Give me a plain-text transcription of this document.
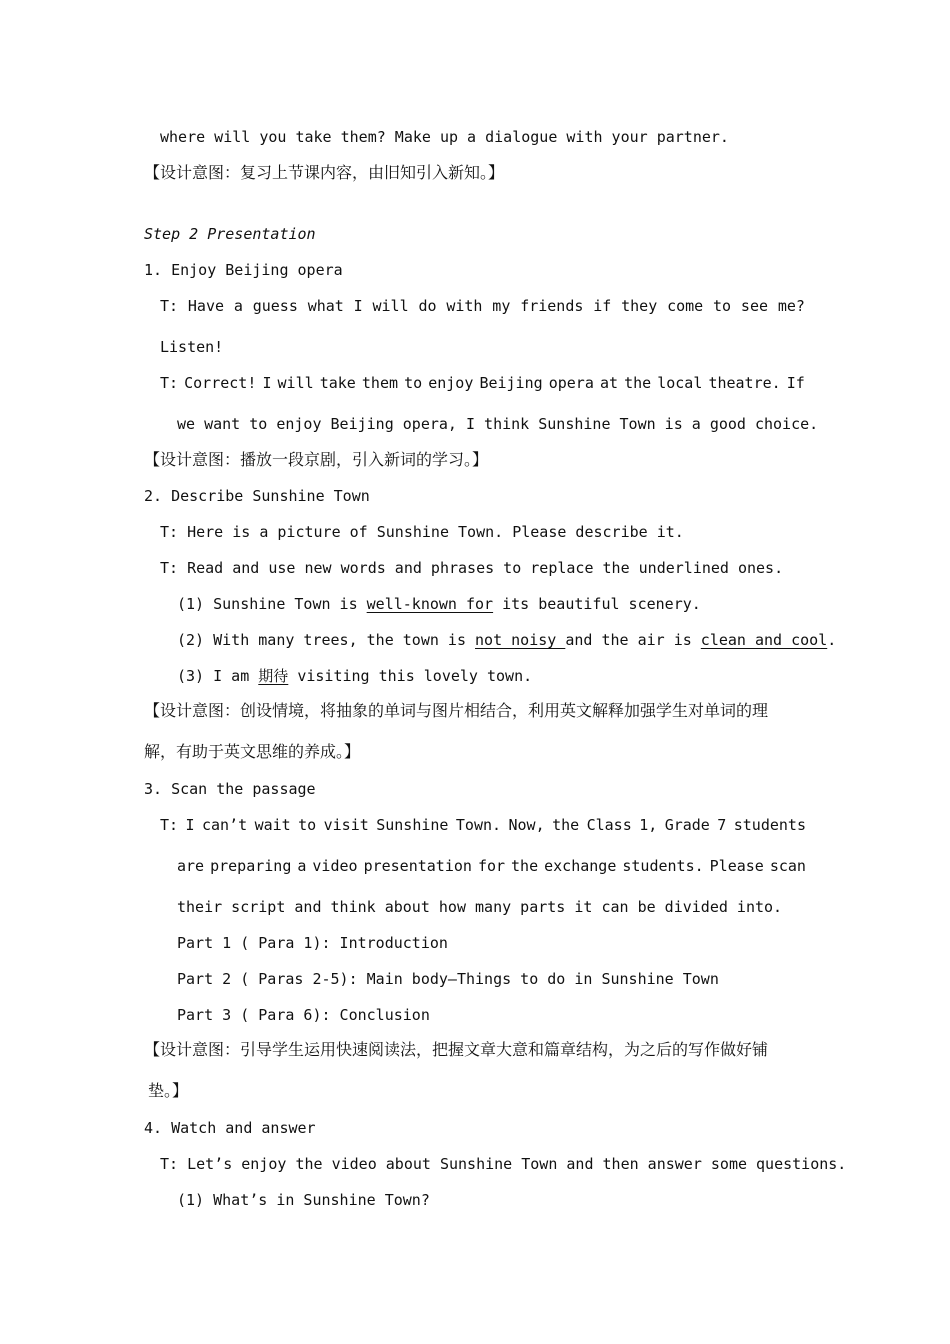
where will you take them? Make up a dialogue with your partner.
【设计意图：复习上节课内容，由旧知引入新知。】
Step 2 Presentation
1. Enjoy Beijing opera
T: Have a guess what I will do with my friends if they come to see me?
Listen!
T: Correct! I will take them to enjoy Beijing opera at the local theatre. If
we want to enjoy Beijing opera, I think Sunshine Town is a good choice.
【设计意图：播放一段京剧，引入新词的学习。】
2. Describe Sunshine Town
T: Here is a picture of Sunshine Town. Please describe it.
T: Read and use new words and phrases to replace the underlined ones.
(1) Sunshine Town is well-known for its beautiful scenery.
(2) With many trees, the town is not noisy and the air is clean and cool.
(3) I am 期待 visiting this lovely town.
【设计意图：创设情境，将抽象的单词与图片相结合，利用英文解释加强学生对单词的理
解，有助于英文思维的养成。】
3. Scan the passage
T: I can’t wait to visit Sunshine Town. Now, the Class 1, Grade 7 students
are preparing a video presentation for the exchange students. Please scan
their script and think about how many parts it can be divided into.
Part 1 ( Para 1): Introduction
Part 2 ( Paras 2-5): Main body—Things to do in Sunshine Town
Part 3 ( Para 6): Conclusion
【设计意图：引导学生运用快速阅读法，把握文章大意和篇章结构，为之后的写作做好铺
垫。】
4. Watch and answer
T: Let’s enjoy the video about Sunshine Town and then answer some questions.
(1) What’s in Sunshine Town?
